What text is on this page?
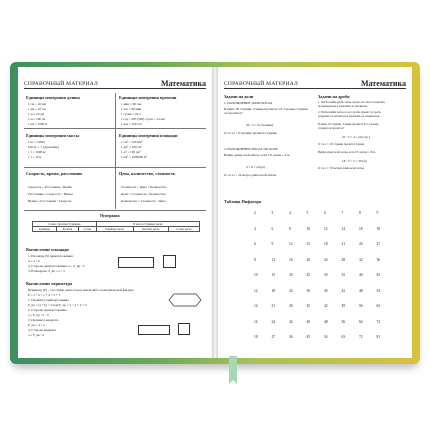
СПРАВОЧНЫЙ МАТЕРИАЛ	Математика
Единицы измерения длины
1 см = 10 мм
1 дм = 10 см
1 м = 10 дм
1 м = 100 см
1 км = 1000 м
Единицы измерения времени
1 мин = 60 сек
1 час = 60 мин
1 сутки = 24 ч
1 год = 365 (366) суток = 12 мес
1 век = 100 лет
Единицы измерения массы
1 кг = 1000 г
100 кг = 1 ц (центнер)
1 т = 1000 кг
1 т = 10 ц
Единицы измерения площади
1 см² = 100 мм²
1 дм² = 100 см²
1 м² = 100 дм²
1 км² = 1000000 м²
Скорость, время, расстояние
Скорость = Расстояние / Время
Расстояние = Скорость × Время
Время = Расстояние / Скорость
Цена, количество, стоимость
Стоимость = Цена × Количество
Цена = Стоимость / Количество
Количество = Стоимость / Цена
Нумерация
Сотни | Десятки | Единицы			В классе | Единиц тысяч		
Единицы	Десятки	Сотни	Единицы тысяч	Десятки тысяч	Сотни тысяч
Вычисление площади
1. Площадь (S) прямоугольника:
S = a × b
2. Сторона прямоугольника: a = S_пр : b
3. В квадрате: S_кв = a × a
Вычисление периметра
Периметр (Р) – это сумма длин сторон какой-либо геометрической фигуры.
Р = a + b + c + d + e + f
1. Периметр прямоугольника
Р_пр = (a + b) × 2 или Р_пр = 2 × a + 2 × b
2. Сторона прямоугольника
a = Р_пр : 2 – b
3. Периметр квадрата
Р_кв = 4 × a
4. Сторона квадрата
a = Р_кв : 4
СПРАВОЧНЫЙ МАТЕРИАЛ	Математика
Задачи на доли
1. НАХОЖДЕНИЕ ДОЛИ ЧИСЛА
В книге 36 страниц. Ученик прочитал 1/4. Сколько страниц он прочитал?
36 : 4 = 9 (страниц)
О т в е т : 9 страниц прочитал ученик.
2. НАХОЖДЕНИЕ ЧИСЛА ПО ДОЛЕ
Найди длину всей ленты, если 1/6 ленты = 4 м.
4 × 6 = 24 (м)
О т в е т : 24 метра длина всей ленты.
Задачи на дроби
1. Чтобы найти дробь числа, нужно это число разделить
на знаменатель и умножить на числитель.
2. Чтобы найти число по его дроби, нужно эту дробь
разделить на числитель и умножить на знаменатель.
В книге 25 страниц. Ученик прочитал 4/5. Сколько
страниц он прочитал?
25 : 5 × 4 = 20 (стр.)
О т в е т : 20 страниц прочитал ученик.
Найди длину всей ленты, если 3/5 ленты = 18 м.
18 : 3 × 5 = 30 (м)
О т в е т : 30 метров длина всей ленты.
Таблица Пифагора
2	3	4	5	6	7	8	9
4	6	8	10	12	14	16	18
6	9	12	15	18	21	24	27
8	12	16	20	24	28	32	36
10	15	20	25	30	35	40	45
12	18	24	30	36	42	48	54
14	21	28	35	42	49	56	63
16	24	32	40	48	56	64	72
18	27	36	45	54	63	72	81
